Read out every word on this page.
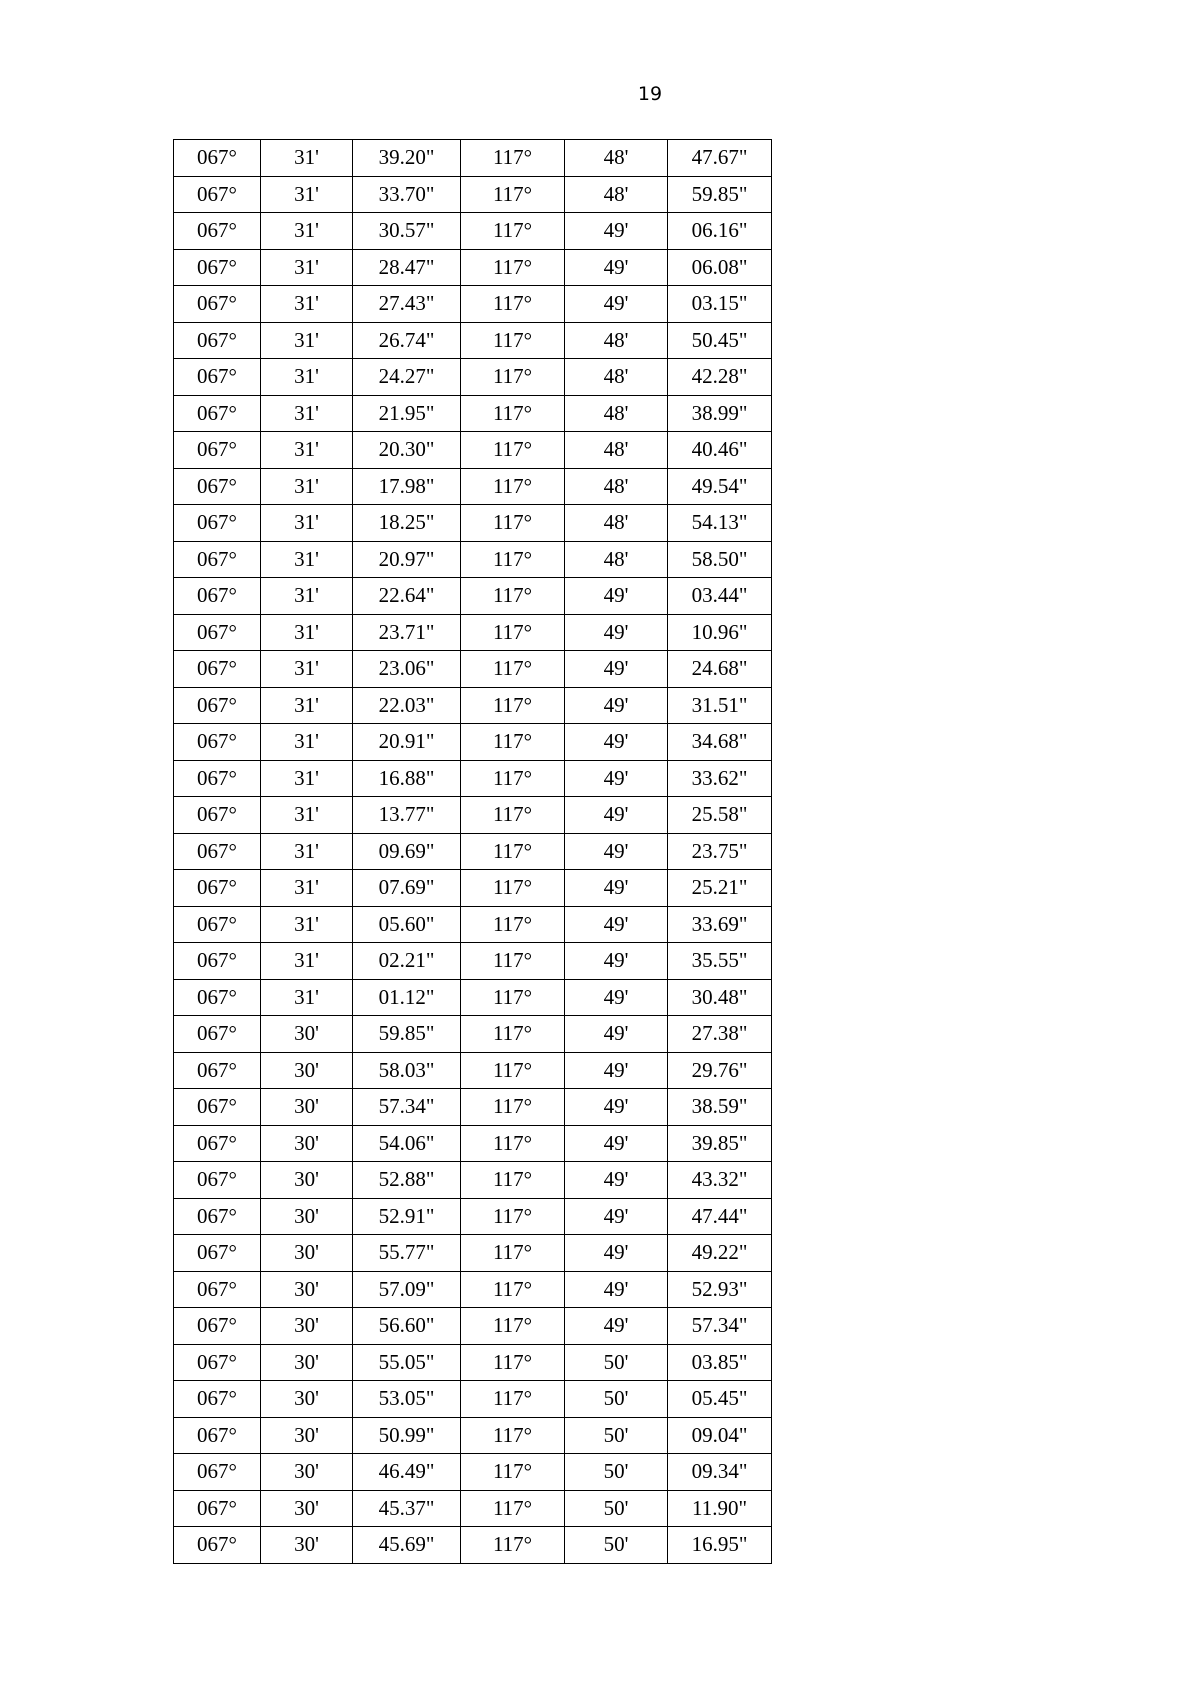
19
067°	31'	39.20"	117°	48'	47.67"
067°	31'	33.70"	117°	48'	59.85"
067°	31'	30.57"	117°	49'	06.16"
067°	31'	28.47"	117°	49'	06.08"
067°	31'	27.43"	117°	49'	03.15"
067°	31'	26.74"	117°	48'	50.45"
067°	31'	24.27"	117°	48'	42.28"
067°	31'	21.95"	117°	48'	38.99"
067°	31'	20.30"	117°	48'	40.46"
067°	31'	17.98"	117°	48'	49.54"
067°	31'	18.25"	117°	48'	54.13"
067°	31'	20.97"	117°	48'	58.50"
067°	31'	22.64"	117°	49'	03.44"
067°	31'	23.71"	117°	49'	10.96"
067°	31'	23.06"	117°	49'	24.68"
067°	31'	22.03"	117°	49'	31.51"
067°	31'	20.91"	117°	49'	34.68"
067°	31'	16.88"	117°	49'	33.62"
067°	31'	13.77"	117°	49'	25.58"
067°	31'	09.69"	117°	49'	23.75"
067°	31'	07.69"	117°	49'	25.21"
067°	31'	05.60"	117°	49'	33.69"
067°	31'	02.21"	117°	49'	35.55"
067°	31'	01.12"	117°	49'	30.48"
067°	30'	59.85"	117°	49'	27.38"
067°	30'	58.03"	117°	49'	29.76"
067°	30'	57.34"	117°	49'	38.59"
067°	30'	54.06"	117°	49'	39.85"
067°	30'	52.88"	117°	49'	43.32"
067°	30'	52.91"	117°	49'	47.44"
067°	30'	55.77"	117°	49'	49.22"
067°	30'	57.09"	117°	49'	52.93"
067°	30'	56.60"	117°	49'	57.34"
067°	30'	55.05"	117°	50'	03.85"
067°	30'	53.05"	117°	50'	05.45"
067°	30'	50.99"	117°	50'	09.04"
067°	30'	46.49"	117°	50'	09.34"
067°	30'	45.37"	117°	50'	11.90"
067°	30'	45.69"	117°	50'	16.95"
